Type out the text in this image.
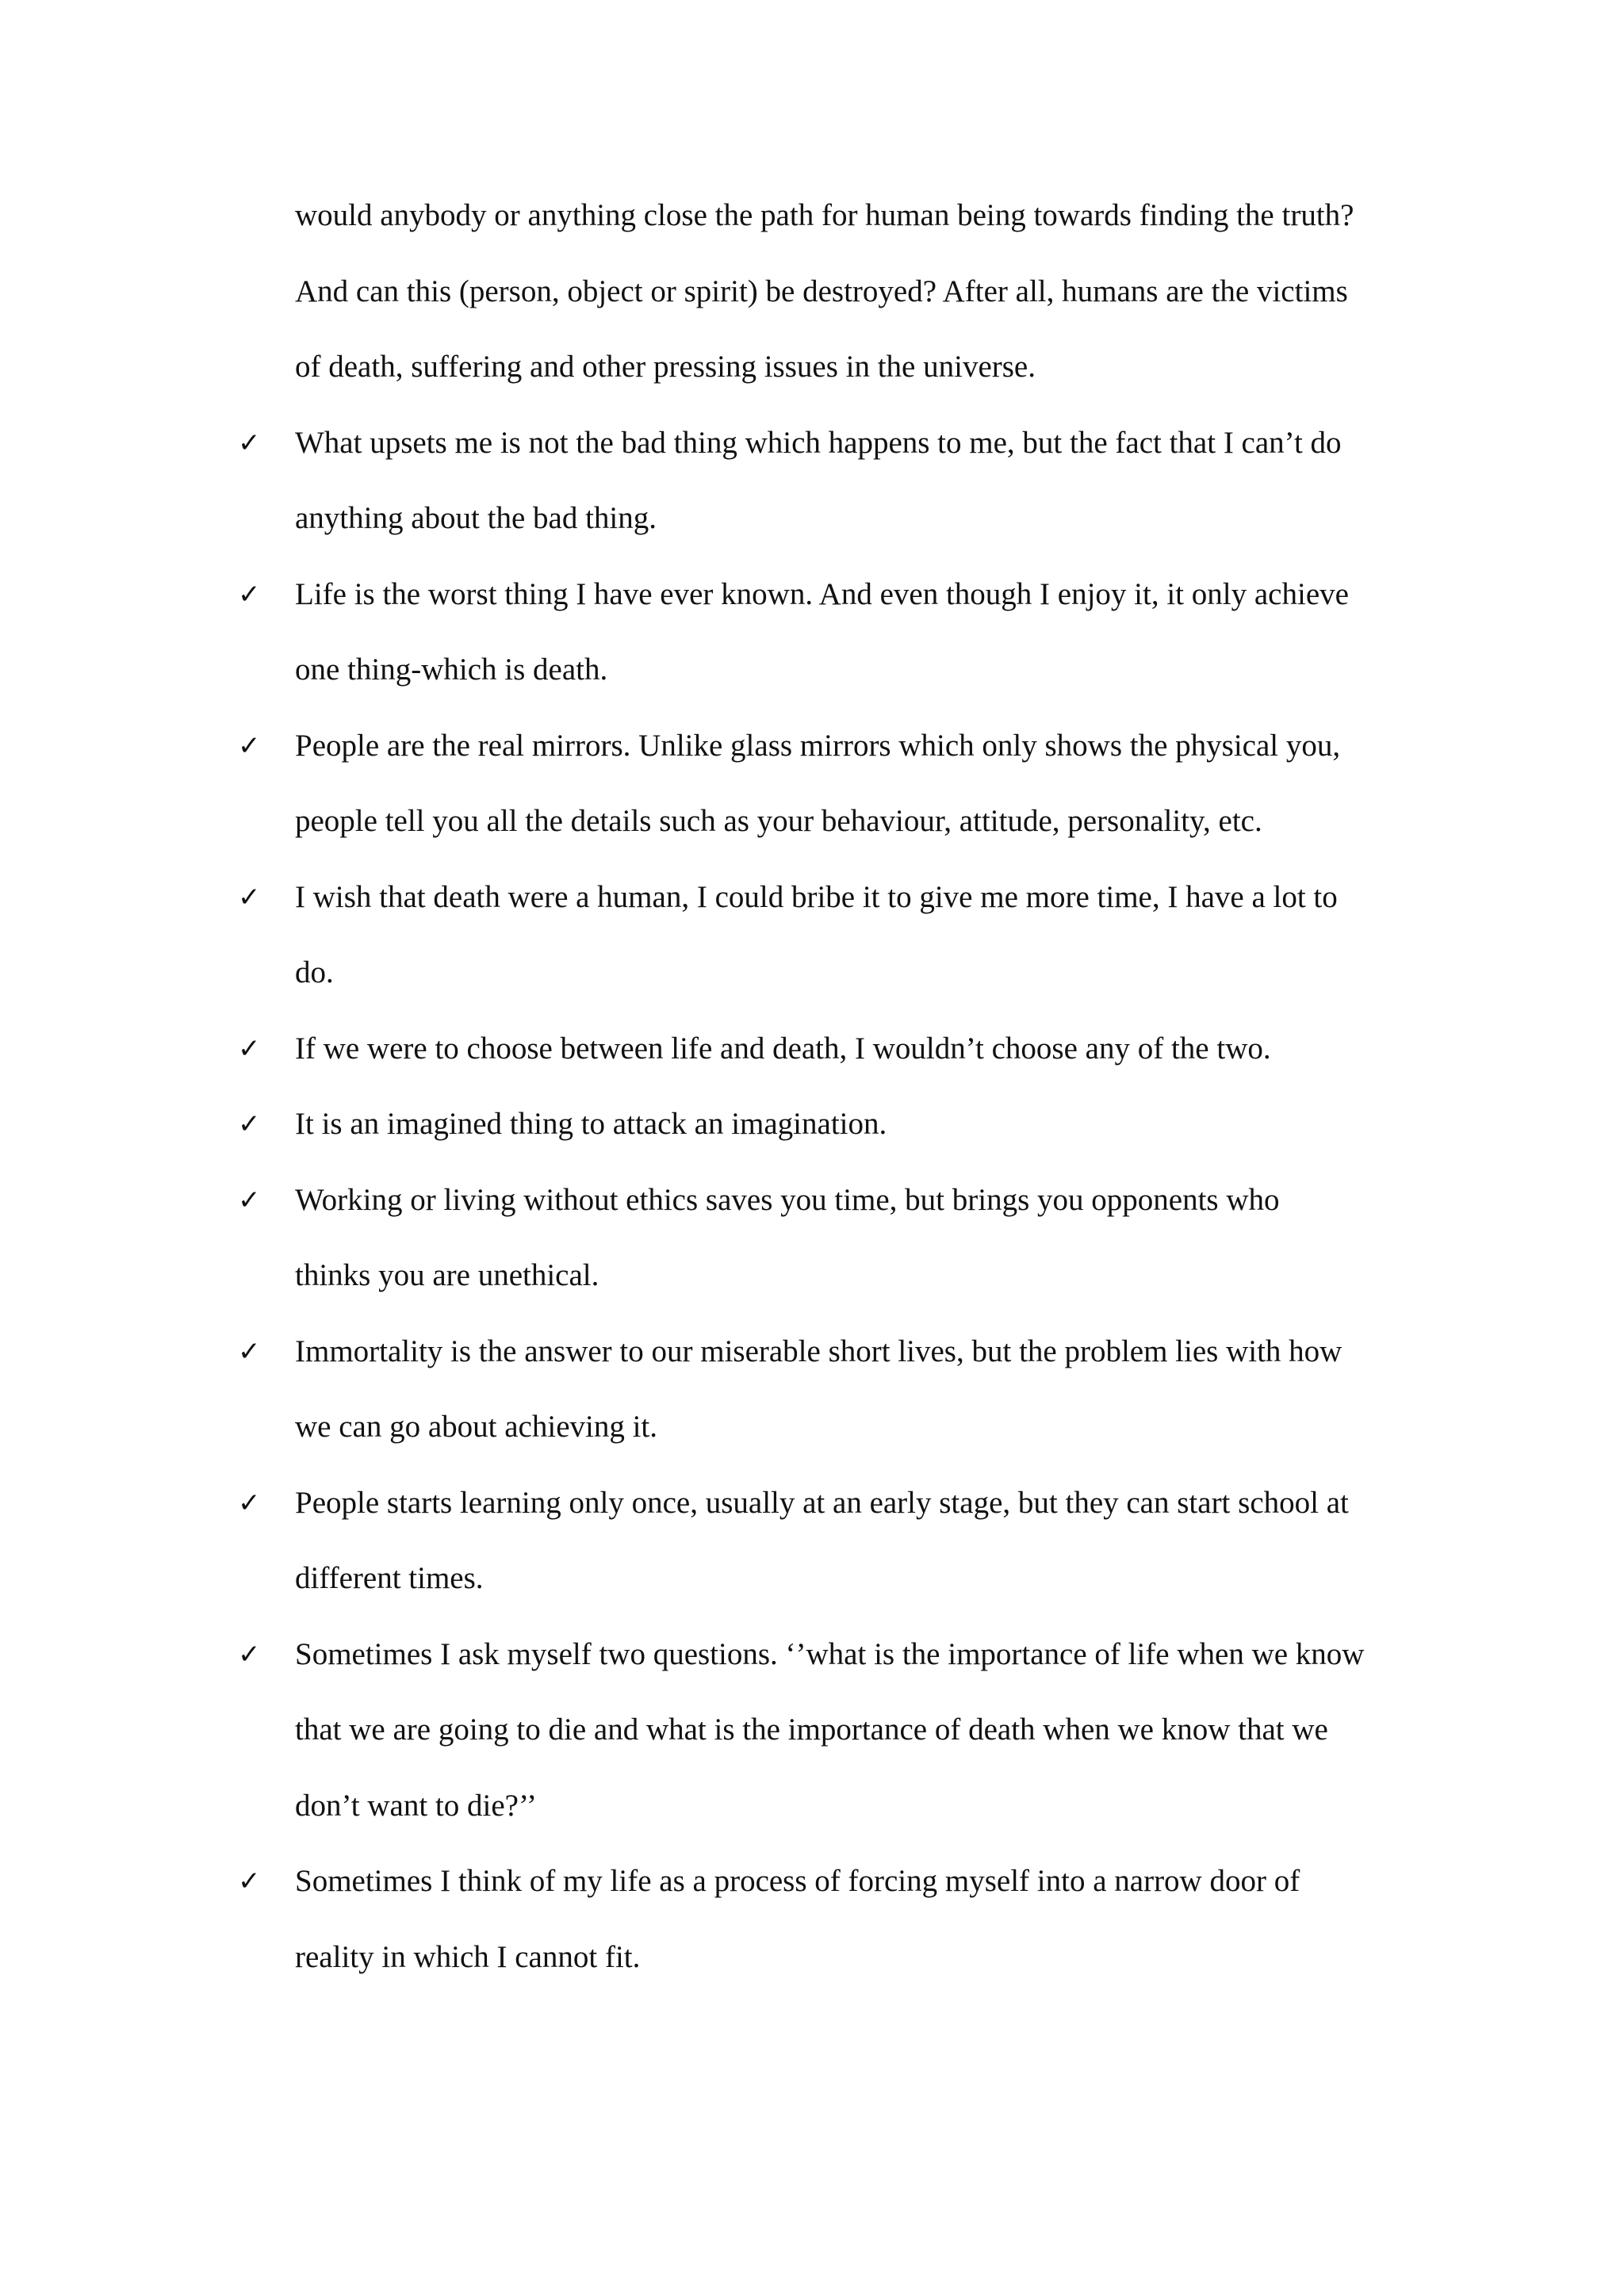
would anybody or anything close the path for human being towards finding the truth?
And can this (person, object or spirit) be destroyed? After all, humans are the victims
of death, suffering and other pressing issues in the universe.
✓	What upsets me is not the bad thing which happens to me, but the fact that I can’t do
anything about the bad thing.
✓	Life is the worst thing I have ever known. And even though I enjoy it, it only achieve
one thing-which is death.
✓	People are the real mirrors. Unlike glass mirrors which only shows the physical you,
people tell you all the details such as your behaviour, attitude, personality, etc.
✓	I wish that death were a human, I could bribe it to give me more time, I have a lot to
do.
✓	If we were to choose between life and death, I wouldn’t choose any of the two.
✓	It is an imagined thing to attack an imagination.
✓	Working or living without ethics saves you time, but brings you opponents who
thinks you are unethical.
✓	Immortality is the answer to our miserable short lives, but the problem lies with how
we can go about achieving it.
✓	People starts learning only once, usually at an early stage, but they can start school at
different times.
✓	Sometimes I ask myself two questions. ‘’what is the importance of life when we know
that we are going to die and what is the importance of death when we know that we
don’t want to die?’’
✓	Sometimes I think of my life as a process of forcing myself into a narrow door of
reality in which I cannot fit.
